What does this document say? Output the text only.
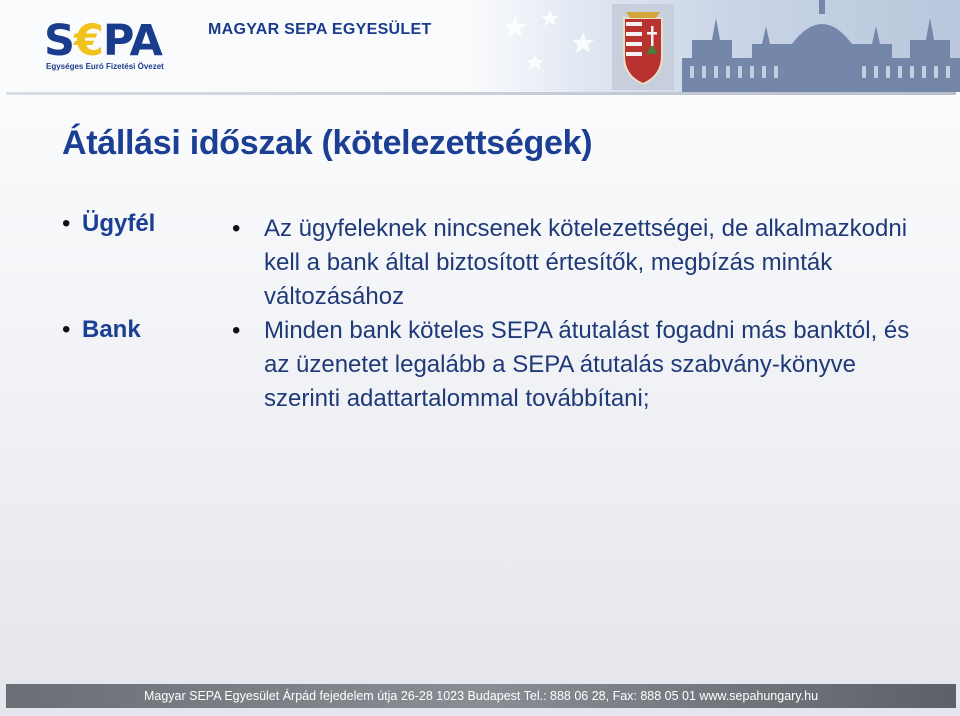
S€PA
Egységes Euró Fizetési Övezet
MAGYAR SEPA EGYESÜLET
Átállási időszak (kötelezettségek)
• Ügyfél
• Bank
• Az ügyfeleknek nincsenek kötelezettségei, de alkalmazkodni kell a bank által biztosított értesítők, megbízás minták változásához
• Minden bank köteles SEPA átutalást fogadni más banktól, és az üzenetet legalább a SEPA átutalás szabvány-könyve szerinti adattartalommal továbbítani;
Magyar SEPA Egyesület Árpád fejedelem útja 26-28 1023 Budapest Tel.: 888 06 28, Fax: 888 05 01 www.sepahungary.hu
